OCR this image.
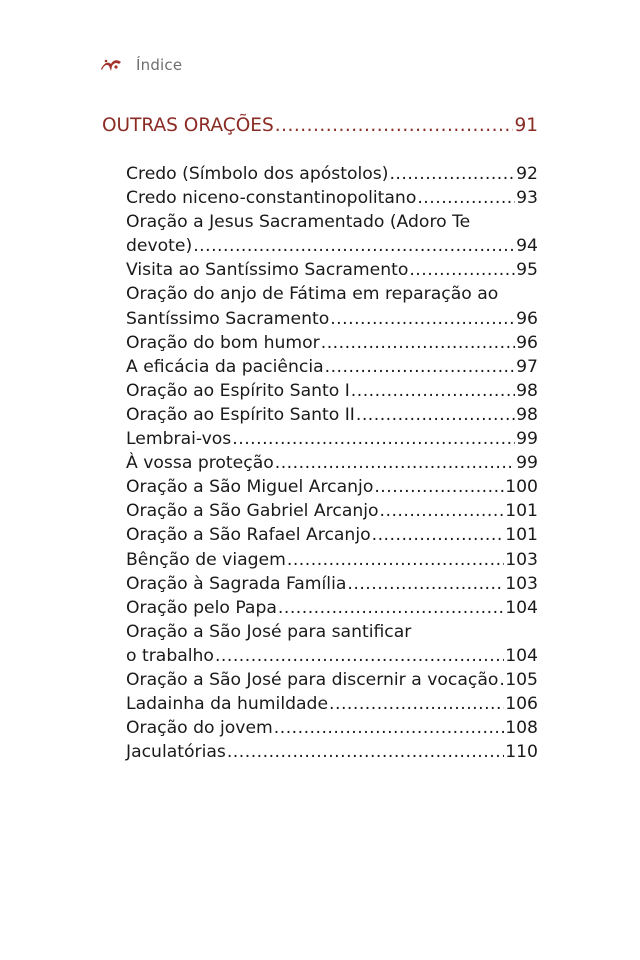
Índice
OUTRAS ORAÇÕES .....	91
Credo (Símbolo dos apóstolos) .....	92
Credo niceno-constantinopolitano .....	93
Oração a Jesus Sacramentado (Adoro Te
devote) .....	94
Visita ao Santíssimo Sacramento .....	95
Oração do anjo de Fátima em reparação ao
Santíssimo Sacramento .....	96
Oração do bom humor .....	96
A eficácia da paciência .....	97
Oração ao Espírito Santo I .....	98
Oração ao Espírito Santo II .....	98
Lembrai-vos .....	99
À vossa proteção .....	99
Oração a São Miguel Arcanjo .....	100
Oração a São Gabriel Arcanjo .....	101
Oração a São Rafael Arcanjo .....	101
Bênção de viagem .....	103
Oração à Sagrada Família .....	103
Oração pelo Papa .....	104
Oração a São José para santificar
o trabalho .....	104
Oração a São José para discernir a vocação ..... 105
Ladainha da humildade .....	106
Oração do jovem .....	108
Jaculatórias .....	110
